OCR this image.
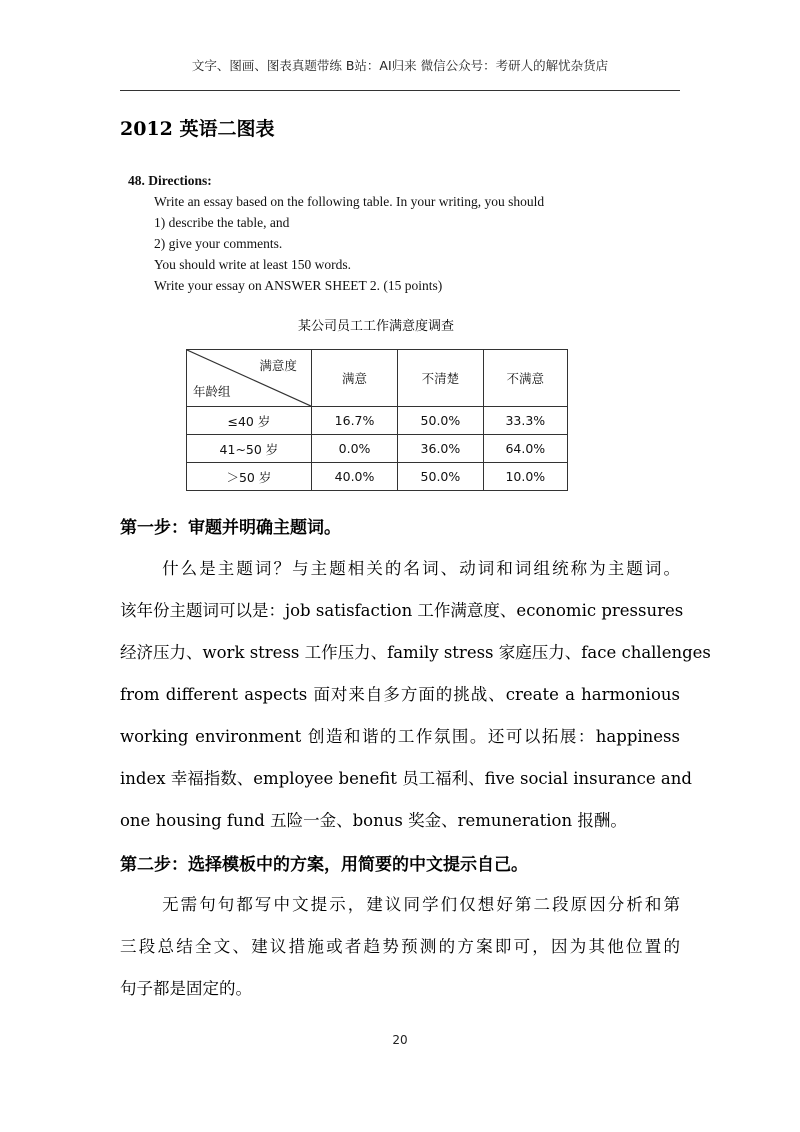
文字、图画、图表真题带练 B站：AI归来 微信公众号：考研人的解忧杂货店
2012 英语二图表
48. Directions:
Write an essay based on the following table. In your writing, you should
1) describe the table, and
2) give your comments.
You should write at least 150 words.
Write your essay on ANSWER SHEET 2. (15 points)
某公司员工工作满意度调查
满意度
年龄组	满意	不清楚	不满意
≤40 岁	16.7%	50.0%	33.3%
41~50 岁	0.0%	36.0%	64.0%
＞50 岁	40.0%	50.0%	10.0%
第一步：审题并明确主题词。
什么是主题词？与主题相关的名词、动词和词组统称为主题词。
该年份主题词可以是：job satisfaction 工作满意度、economic pressures
经济压力、work stress 工作压力、family stress 家庭压力、face challenges
from different aspects 面对来自多方面的挑战、create a harmonious
working environment 创造和谐的工作氛围。还可以拓展：happiness
index 幸福指数、employee benefit 员工福利、five social insurance and
one housing fund 五险一金、bonus 奖金、remuneration 报酬。
第二步：选择模板中的方案，用简要的中文提示自己。
无需句句都写中文提示，建议同学们仅想好第二段原因分析和第
三段总结全文、建议措施或者趋势预测的方案即可，因为其他位置的
句子都是固定的。
20
